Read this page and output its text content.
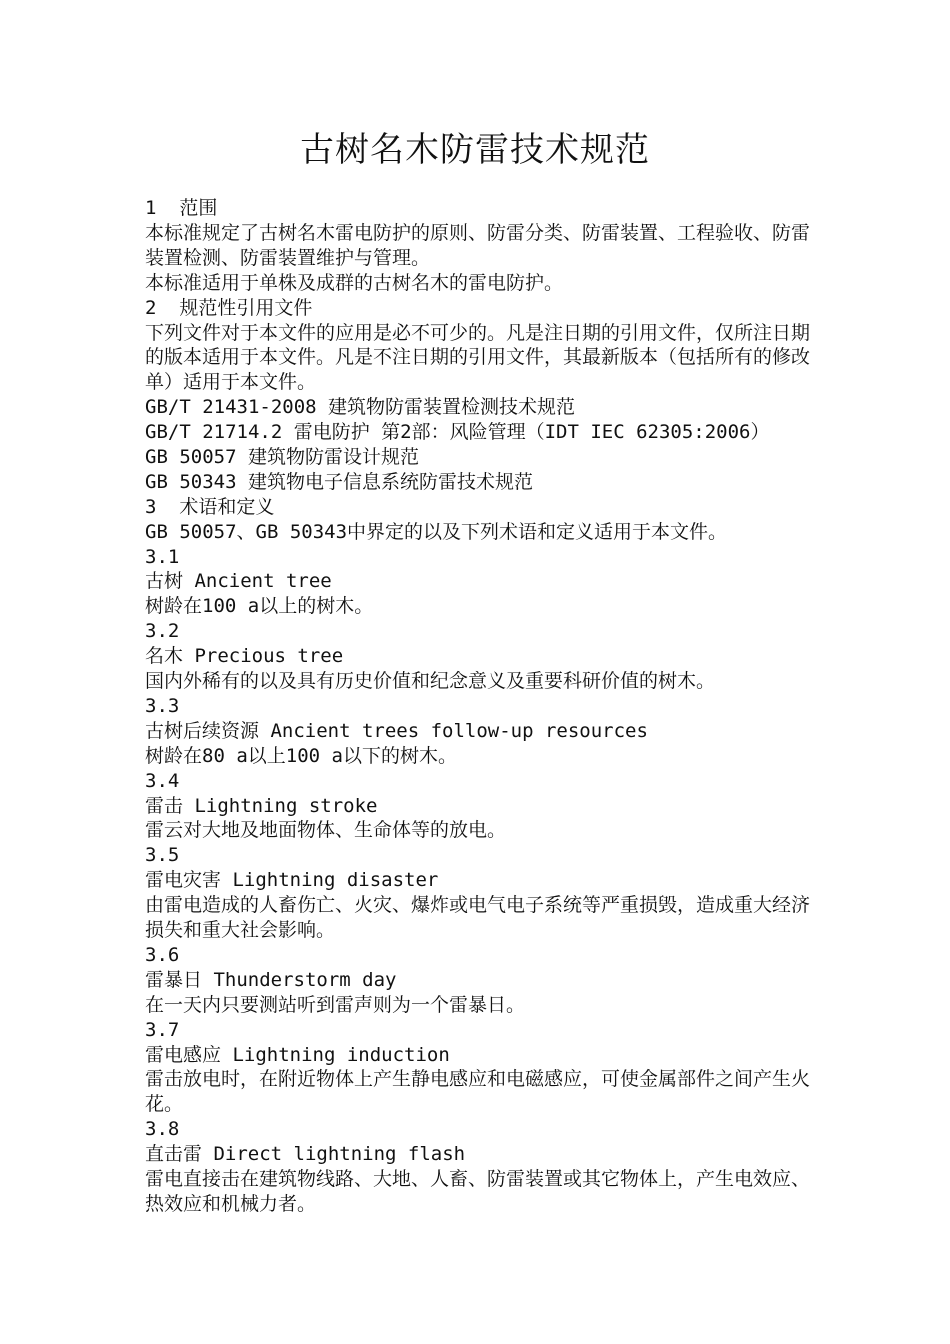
古树名木防雷技术规范
1  范围
本标准规定了古树名木雷电防护的原则、防雷分类、防雷装置、工程验收、防雷装置检测、防雷装置维护与管理。
本标准适用于单株及成群的古树名木的雷电防护。
2  规范性引用文件
下列文件对于本文件的应用是必不可少的。凡是注日期的引用文件，仅所注日期的版本适用于本文件。凡是不注日期的引用文件，其最新版本（包括所有的修改单）适用于本文件。
GB/T 21431-2008 建筑物防雷装置检测技术规范
GB/T 21714.2 雷电防护 第2部：风险管理（IDT IEC 62305:2006）
GB 50057 建筑物防雷设计规范
GB 50343 建筑物电子信息系统防雷技术规范
3  术语和定义
GB 50057、GB 50343中界定的以及下列术语和定义适用于本文件。
3.1
古树 Ancient tree
树龄在100 a以上的树木。
3.2
名木 Precious tree
国内外稀有的以及具有历史价值和纪念意义及重要科研价值的树木。
3.3
古树后续资源 Ancient trees follow-up resources
树龄在80 a以上100 a以下的树木。
3.4
雷击 Lightning stroke
雷云对大地及地面物体、生命体等的放电。
3.5
雷电灾害 Lightning disaster
由雷电造成的人畜伤亡、火灾、爆炸或电气电子系统等严重损毁，造成重大经济损失和重大社会影响。
3.6
雷暴日 Thunderstorm day
在一天内只要测站听到雷声则为一个雷暴日。
3.7
雷电感应 Lightning induction
雷击放电时，在附近物体上产生静电感应和电磁感应，可使金属部件之间产生火花。
3.8
直击雷 Direct lightning flash
雷电直接击在建筑物线路、大地、人畜、防雷装置或其它物体上，产生电效应、热效应和机械力者。
